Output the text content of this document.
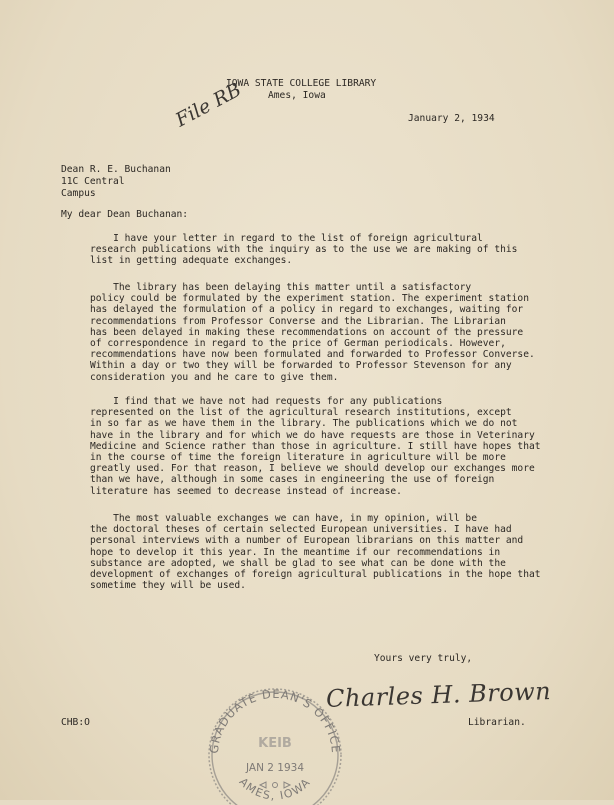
IOWA STATE COLLEGE LIBRARY
Ames, Iowa
File RB	January 2, 1934
Dean R. E. Buchanan
11C Central
Campus
My dear Dean Buchanan:
I have your letter in regard to the list of foreign agricultural
research publications with the inquiry as to the use we are making of this
list in getting adequate exchanges.
The library has been delaying this matter until a satisfactory
policy could be formulated by the experiment station. The experiment station
has delayed the formulation of a policy in regard to exchanges, waiting for
recommendations from Professor Converse and the Librarian. The Librarian
has been delayed in making these recommendations on account of the pressure
of correspondence in regard to the price of German periodicals. However,
recommendations have now been formulated and forwarded to Professor Converse.
Within a day or two they will be forwarded to Professor Stevenson for any
consideration you and he care to give them.
I find that we have not had requests for any publications
represented on the list of the agricultural research institutions, except
in so far as we have them in the library. The publications which we do not
have in the library and for which we do have requests are those in Veterinary
Medicine and Science rather than those in agriculture. I still have hopes that
in the course of time the foreign literature in agriculture will be more
greatly used. For that reason, I believe we should develop our exchanges more
than we have, although in some cases in engineering the use of foreign
literature has seemed to decrease instead of increase.
The most valuable exchanges we can have, in my opinion, will be
the doctoral theses of certain selected European universities. I have had
personal interviews with a number of European librarians on this matter and
hope to develop it this year. In the meantime if our recommendations in
substance are adopted, we shall be glad to see what can be done with the
development of exchanges of foreign agricultural publications in the hope that
sometime they will be used.
Yours very truly,
Charles H. Brown
CHB:O	Librarian.
GRADUATE DEAN'S OFFICE
AMES, IOWA
KEIB
JAN 2 1934
